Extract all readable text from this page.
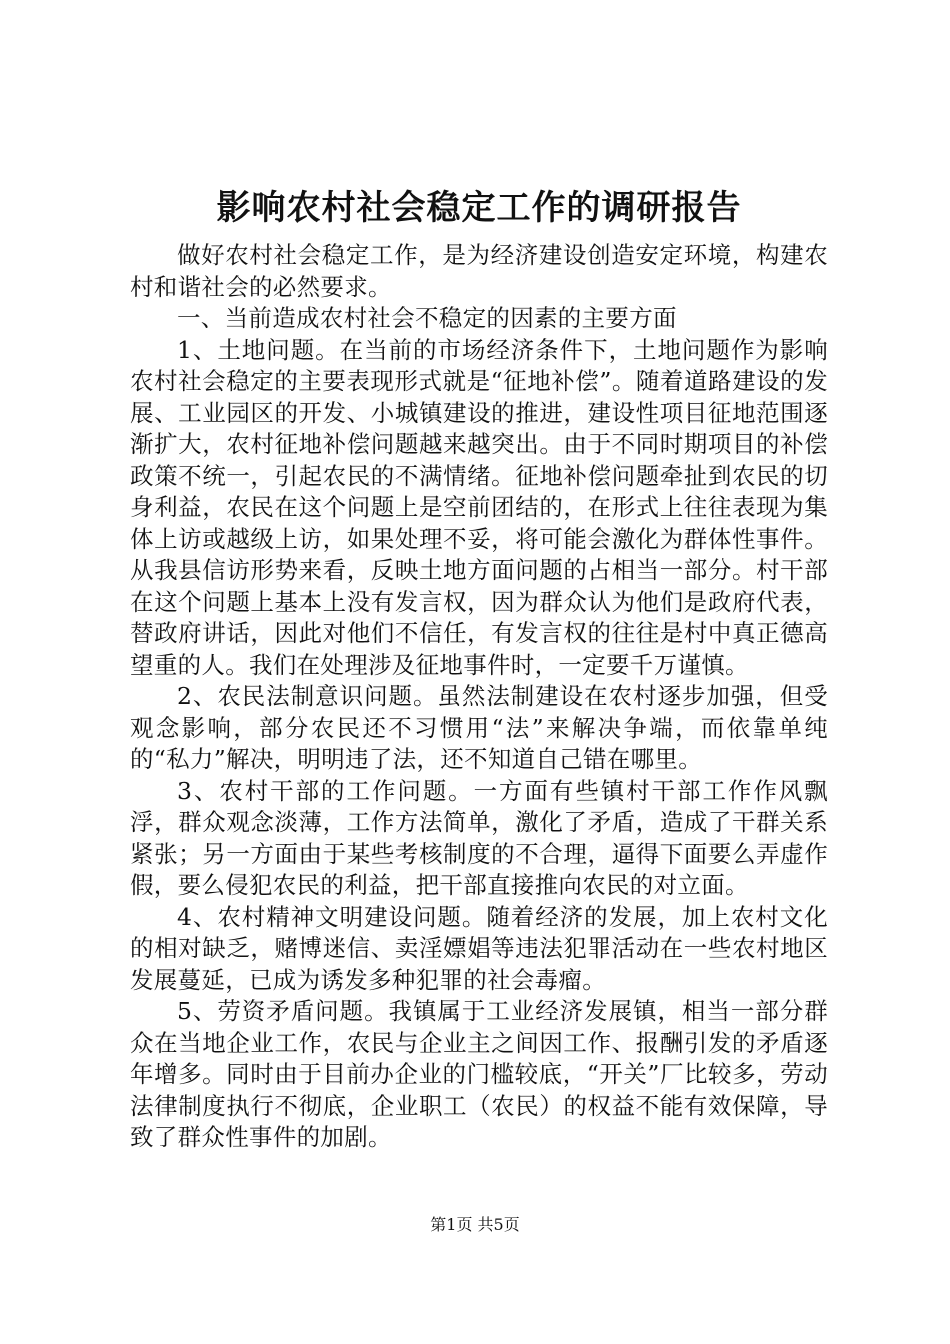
影响农村社会稳定工作的调研报告

做好农村社会稳定工作，是为经济建设创造安定环境，构建农村和谐社会的必然要求。

一、当前造成农村社会不稳定的因素的主要方面

1、土地问题。在当前的市场经济条件下，土地问题作为影响农村社会稳定的主要表现形式就是“征地补偿”。随着道路建设的发展、工业园区的开发、小城镇建设的推进，建设性项目征地范围逐渐扩大，农村征地补偿问题越来越突出。由于不同时期项目的补偿政策不统一，引起农民的不满情绪。征地补偿问题牵扯到农民的切身利益，农民在这个问题上是空前团结的，在形式上往往表现为集体上访或越级上访，如果处理不妥，将可能会激化为群体性事件。从我县信访形势来看，反映土地方面问题的占相当一部分。村干部在这个问题上基本上没有发言权，因为群众认为他们是政府代表，替政府讲话，因此对他们不信任，有发言权的往往是村中真正德高望重的人。我们在处理涉及征地事件时，一定要千万谨慎。

2、农民法制意识问题。虽然法制建设在农村逐步加强，但受观念影响，部分农民还不习惯用“法”来解决争端，而依靠单纯的“私力”解决，明明违了法，还不知道自己错在哪里。

3、农村干部的工作问题。一方面有些镇村干部工作作风飘浮，群众观念淡薄，工作方法简单，激化了矛盾，造成了干群关系紧张；另一方面由于某些考核制度的不合理，逼得下面要么弄虚作假，要么侵犯农民的利益，把干部直接推向农民的对立面。

4、农村精神文明建设问题。随着经济的发展，加上农村文化的相对缺乏，赌博迷信、卖淫嫖娼等违法犯罪活动在一些农村地区发展蔓延，已成为诱发多种犯罪的社会毒瘤。

5、劳资矛盾问题。我镇属于工业经济发展镇，相当一部分群众在当地企业工作，农民与企业主之间因工作、报酬引发的矛盾逐年增多。同时由于目前办企业的门槛较底，“开关”厂比较多，劳动法律制度执行不彻底，企业职工（农民）的权益不能有效保障，导致了群众性事件的加剧。

第1页 共5页
